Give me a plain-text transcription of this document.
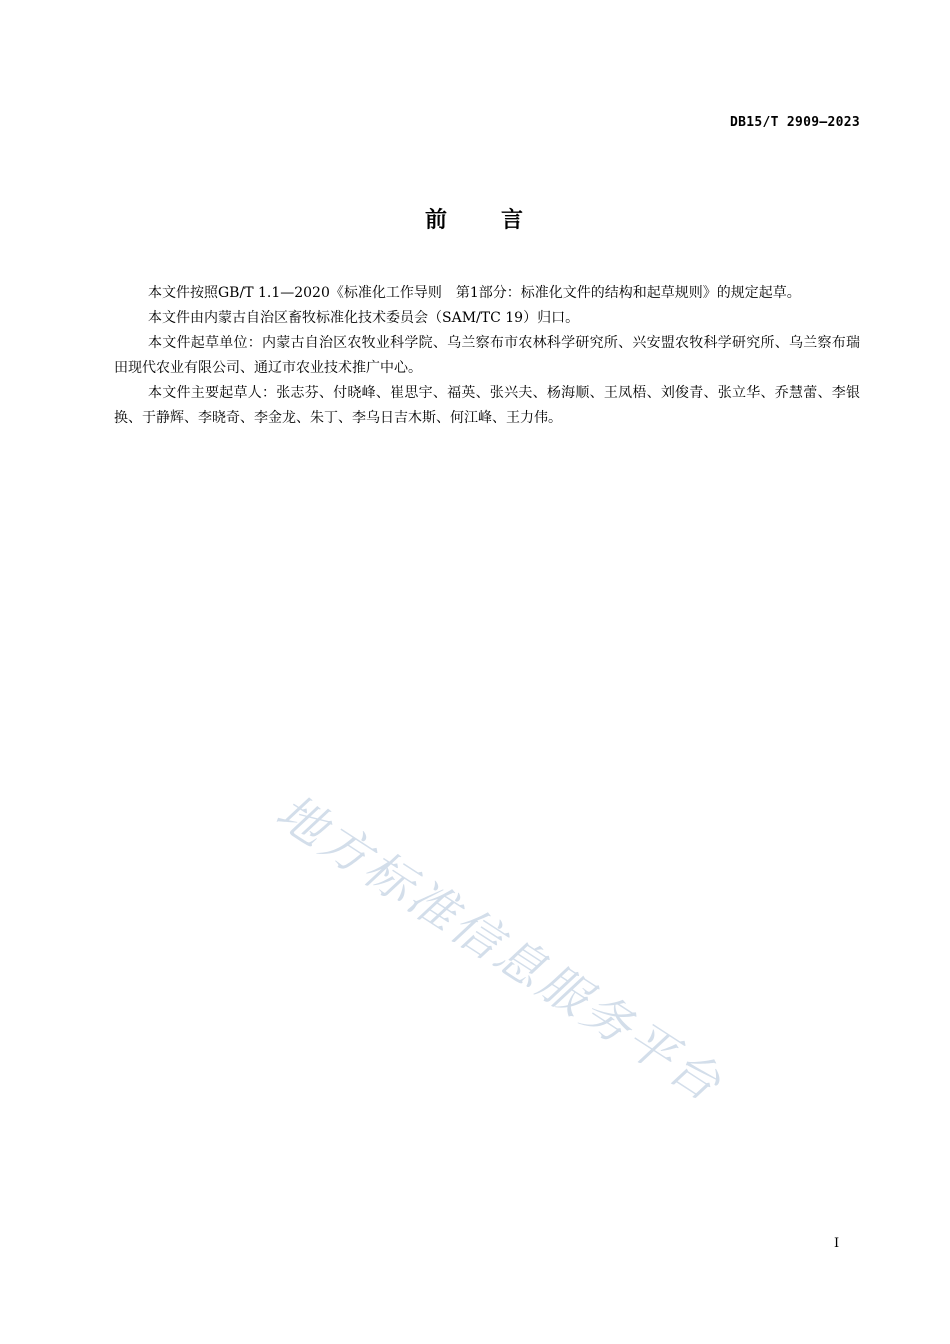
DB15/T 2909—2023
前 言

本文件按照GB/T 1.1—2020《标准化工作导则　第1部分：标准化文件的结构和起草规则》的规定起草。

本文件由内蒙古自治区畜牧标准化技术委员会（SAM/TC 19）归口。

本文件起草单位：内蒙古自治区农牧业科学院、乌兰察布市农林科学研究所、兴安盟农牧科学研究所、乌兰察布瑞田现代农业有限公司、通辽市农业技术推广中心。

本文件主要起草人：张志芬、付晓峰、崔思宇、福英、张兴夫、杨海顺、王凤梧、刘俊青、张立华、乔慧蕾、李银换、于静辉、李晓奇、李金龙、朱丁、李乌日吉木斯、何江峰、王力伟。

地方标准信息服务平台
I
